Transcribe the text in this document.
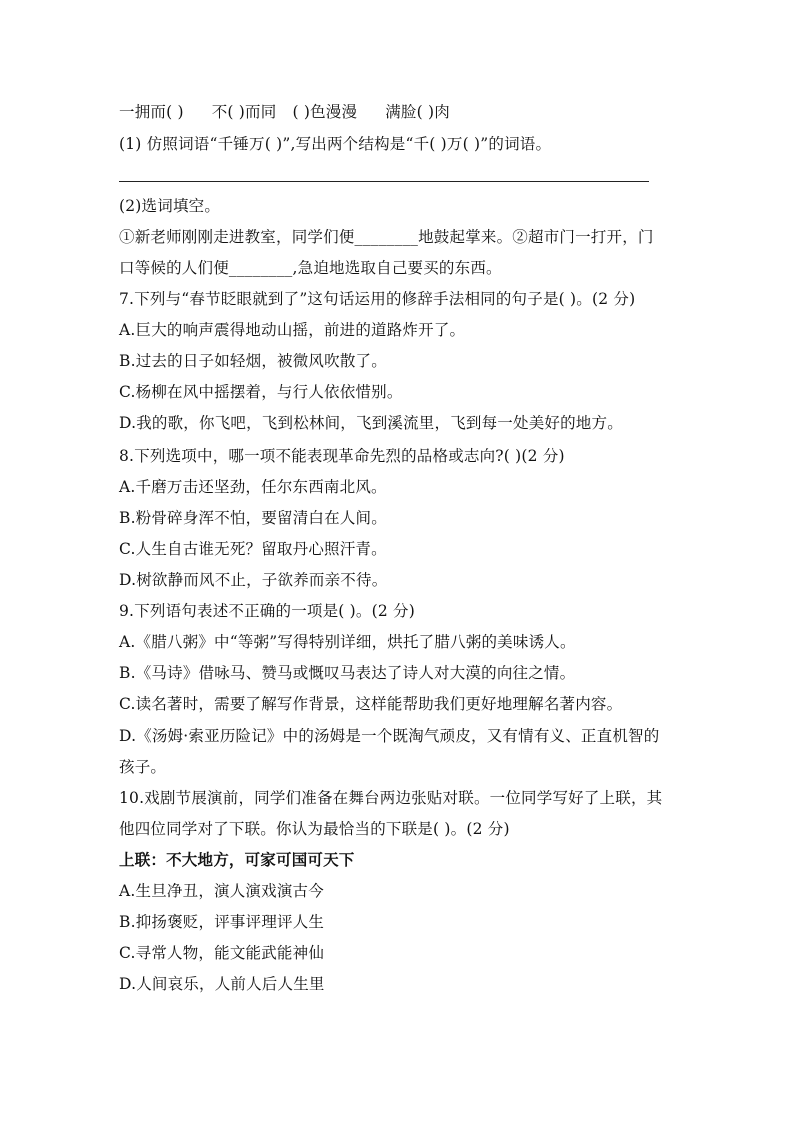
一拥而( ) 不( )而同 ( )色漫漫 满脸( )肉
(1) 仿照词语“千锤万( )”,写出两个结构是“千( )万( )”的词语。
(2)选词填空。
①新老师刚刚走进教室，同学们便________地鼓起掌来。②超市门一打开，门
口等候的人们便________,急迫地选取自己要买的东西。
7.下列与“春节眨眼就到了”这句话运用的修辞手法相同的句子是( )。(2 分)
A.巨大的响声震得地动山摇，前进的道路炸开了。
B.过去的日子如轻烟，被微风吹散了。
C.杨柳在风中摇摆着，与行人依依惜别。
D.我的歌，你飞吧，飞到松林间，飞到溪流里，飞到每一处美好的地方。
8.下列选项中，哪一项不能表现革命先烈的品格或志向?( )(2 分)
A.千磨万击还坚劲，任尔东西南北风。
B.粉骨碎身浑不怕，要留清白在人间。
C.人生自古谁无死？留取丹心照汗青。
D.树欲静而风不止，子欲养而亲不待。
9.下列语句表述不正确的一项是( )。(2 分)
A.《腊八粥》中“等粥”写得特别详细，烘托了腊八粥的美味诱人。
B.《马诗》借咏马、赞马或慨叹马表达了诗人对大漠的向往之情。
C.读名著时，需要了解写作背景，这样能帮助我们更好地理解名著内容。
D.《汤姆·索亚历险记》中的汤姆是一个既淘气顽皮，又有情有义、正直机智的
孩子。
10.戏剧节展演前，同学们准备在舞台两边张贴对联。一位同学写好了上联，其
他四位同学对了下联。你认为最恰当的下联是( )。(2 分)
上联：不大地方，可家可国可天下
A.生旦净丑，演人演戏演古今
B.抑扬褒贬，评事评理评人生
C.寻常人物，能文能武能神仙
D.人间哀乐，人前人后人生里
